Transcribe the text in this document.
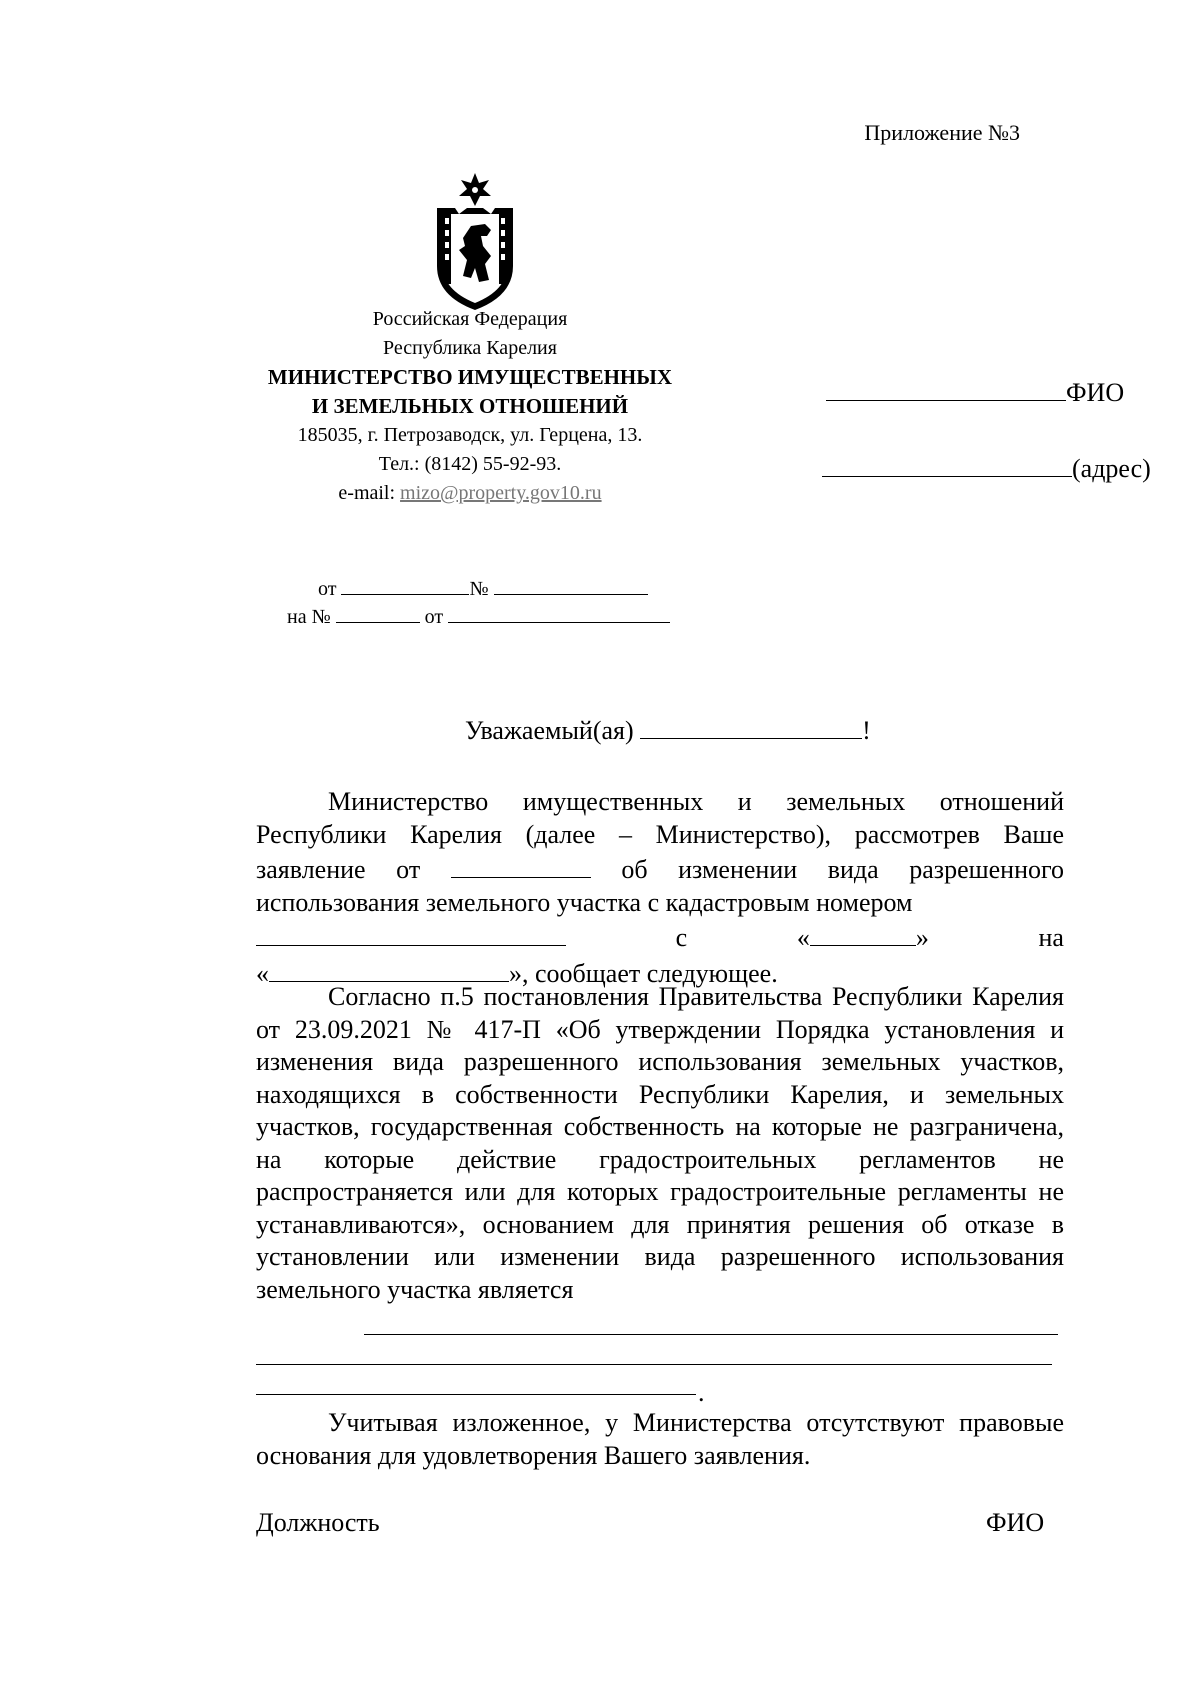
Приложение №3
Российская Федерация
Республика Карелия
МИНИСТЕРСТВО ИМУЩЕСТВЕННЫХ
И ЗЕМЕЛЬНЫХ ОТНОШЕНИЙ
185035, г. Петрозаводск, ул. Герцена, 13.
Тел.: (8142) 55-92-93.
e-mail: mizo@property.gov10.ru
от	№
на №	от
ФИО
(адрес)
Уважаемый(ая)	!

Министерство имущественных и земельных отношений Республики Карелия (далее – Министерство), рассмотрев Ваше заявление от	об изменении вида разрешенного использования земельного участка с кадастровым номером

с	«	»	на
«	», сообщает следующее.

Согласно п.5 постановления Правительства Республики Карелия от 23.09.2021 № 417-П «Об утверждении Порядка установления и изменения вида разрешенного использования земельных участков, находящихся в собственности Республики Карелия, и земельных участков, государственная собственность на которые не разграничена, на которые действие градостроительных регламентов не распространяется или для которых градостроительные регламенты не устанавливаются», основанием для принятия решения об отказе в установлении или изменении вида разрешенного использования земельного участка является

.

Учитывая изложенное, у Министерства отсутствуют правовые основания для удовлетворения Вашего заявления.

Должность	ФИО
